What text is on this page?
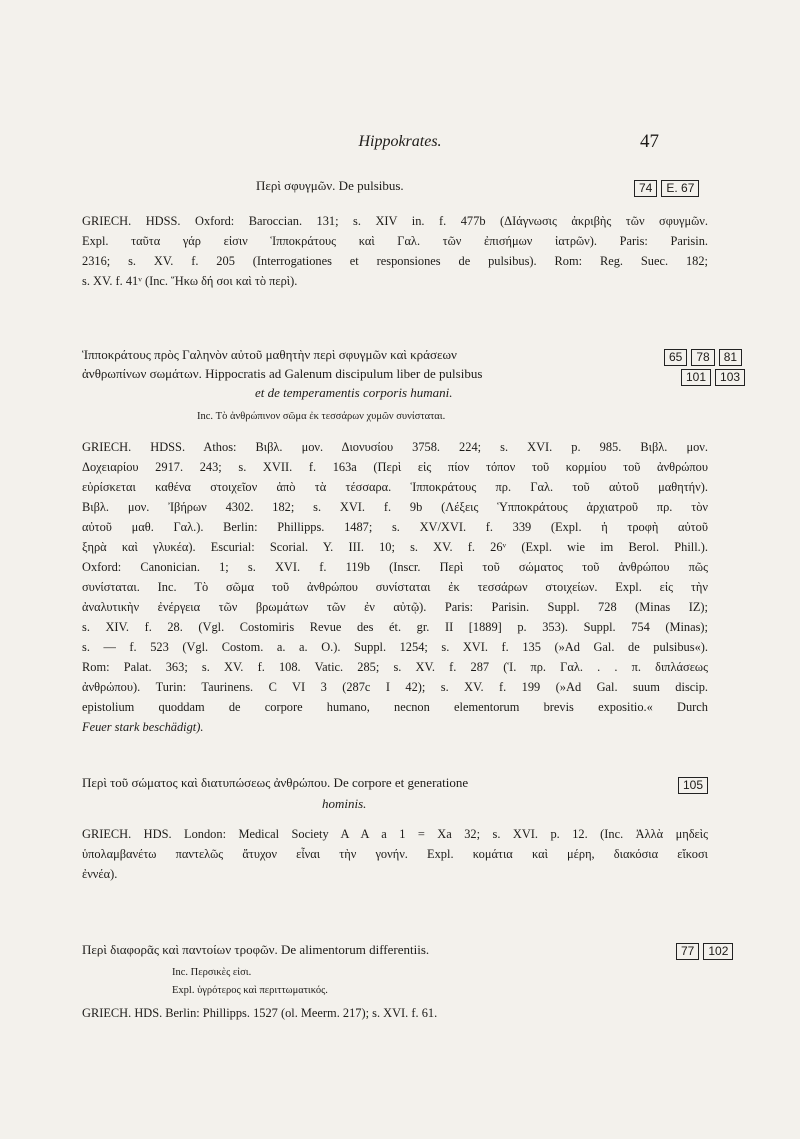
Hippokrates.	47
Περὶ σφυγμῶν. De pulsibus.	74	E. 67
GRIECH. HDSS. Oxford: Baroccian. 131; s. XIV in. f. 477b (ΔΙάγνωσις ἀκριβὴς τῶν σφυγμῶν.
Expl. ταῦτα γάρ εἰσιν Ἱπποκράτους καὶ Γαλ. τῶν ἐπισήμων ἰατρῶν). Paris: Parisin.
2316; s. XV. f. 205 (Interrogationes et responsiones de pulsibus). Rom: Reg. Suec. 182;
s. XV. f. 41ᵛ (Inc. Ἥκω δή σοι καὶ τὸ περὶ).
Ἱπποκράτους πρὸς Γαληνὸν αὐτοῦ μαθητὴν περὶ σφυγμῶν καὶ κράσεων
ἀνθρωπίνων σωμάτων. Hippocratis ad Galenum discipulum liber de pulsibus
et de temperamentis corporis humani.
65	78	81
101	103
Inc. Τὸ ἀνθρώπινον σῶμα ἐκ τεσσάρων χυμῶν συνίσταται.
GRIECH. HDSS. Athos: Βιβλ. μον. Διονυσίου 3758. 224; s. XVI. p. 985. Βιβλ. μον.
Δοχειαρίου 2917. 243; s. XVII. f. 163a (Περὶ εἰς πίον τόπον τοῦ κορμίου τοῦ ἀνθρώπου
εὑρίσκεται καθένα στοιχεῖον ἀπὸ τὰ τέσσαρα. Ἱπποκράτους πρ. Γαλ. τοῦ αὐτοῦ μαθητήν).
Βιβλ. μον. Ἰβήρων 4302. 182; s. XVI. f. 9b (Λέξεις Ὑπποκράτους ἀρχιατροῦ πρ. τὸν
αὐτοῦ μαθ. Γαλ.). Berlin: Phillipps. 1487; s. XV/XVI. f. 339 (Expl. ἡ τροφὴ αὐτοῦ
ξηρὰ καὶ γλυκέα). Escurial: Scorial. Y. III. 10; s. XV. f. 26ᵛ (Expl. wie im Berol. Phill.).
Oxford: Canonician. 1; s. XVI. f. 119b (Inscr. Περὶ τοῦ σώματος τοῦ ἀνθρώπου πῶς
συνίσταται. Inc. Τὸ σῶμα τοῦ ἀνθρώπου συνίσταται ἐκ τεσσάρων στοιχείων. Expl. εἰς τὴν
ἀναλυτικὴν ἐνέργεια τῶν βρωμάτων τῶν ἐν αὐτῷ). Paris: Parisin. Suppl. 728 (Minas IZ);
s. XIV. f. 28. (Vgl. Costomiris Revue des ét. gr. II [1889] p. 353). Suppl. 754 (Minas);
s. — f. 523 (Vgl. Costom. a. a. O.). Suppl. 1254; s. XVI. f. 135 (»Ad Gal. de pulsibus«).
Rom: Palat. 363; s. XV. f. 108. Vatic. 285; s. XV. f. 287 (Ἱ. πρ. Γαλ. . . π. διπλάσεως
ἀνθρώπου). Turin: Taurinens. C VI 3 (287c I 42); s. XV. f. 199 (»Ad Gal. suum discip.
epistolium quoddam de corpore humano, necnon elementorum brevis expositio.« Durch
Feuer stark beschädigt).
Περὶ τοῦ σώματος καὶ διατυπώσεως ἀνθρώπου. De corpore et generatione
hominis.
105
GRIECH. HDS. London: Medical Society A A a 1 = Xa 32; s. XVI. p. 12. (Inc. Ἀλλὰ μηδεὶς
ὑπολαμβανέτω παντελῶς ἄτυχον εἶναι τὴν γονήν. Expl. κομάτια καὶ μέρη, διακόσια εἴκοσι
ἐννέα).
Περὶ διαφορᾶς καὶ παντοίων τροφῶν. De alimentorum differentiis.	77	102
Inc. Περσικὲς εἰσι.
Expl. ὑγρότερος καὶ περιττωματικός.
GRIECH. HDS. Berlin: Phillipps. 1527 (ol. Meerm. 217); s. XVI. f. 61.
